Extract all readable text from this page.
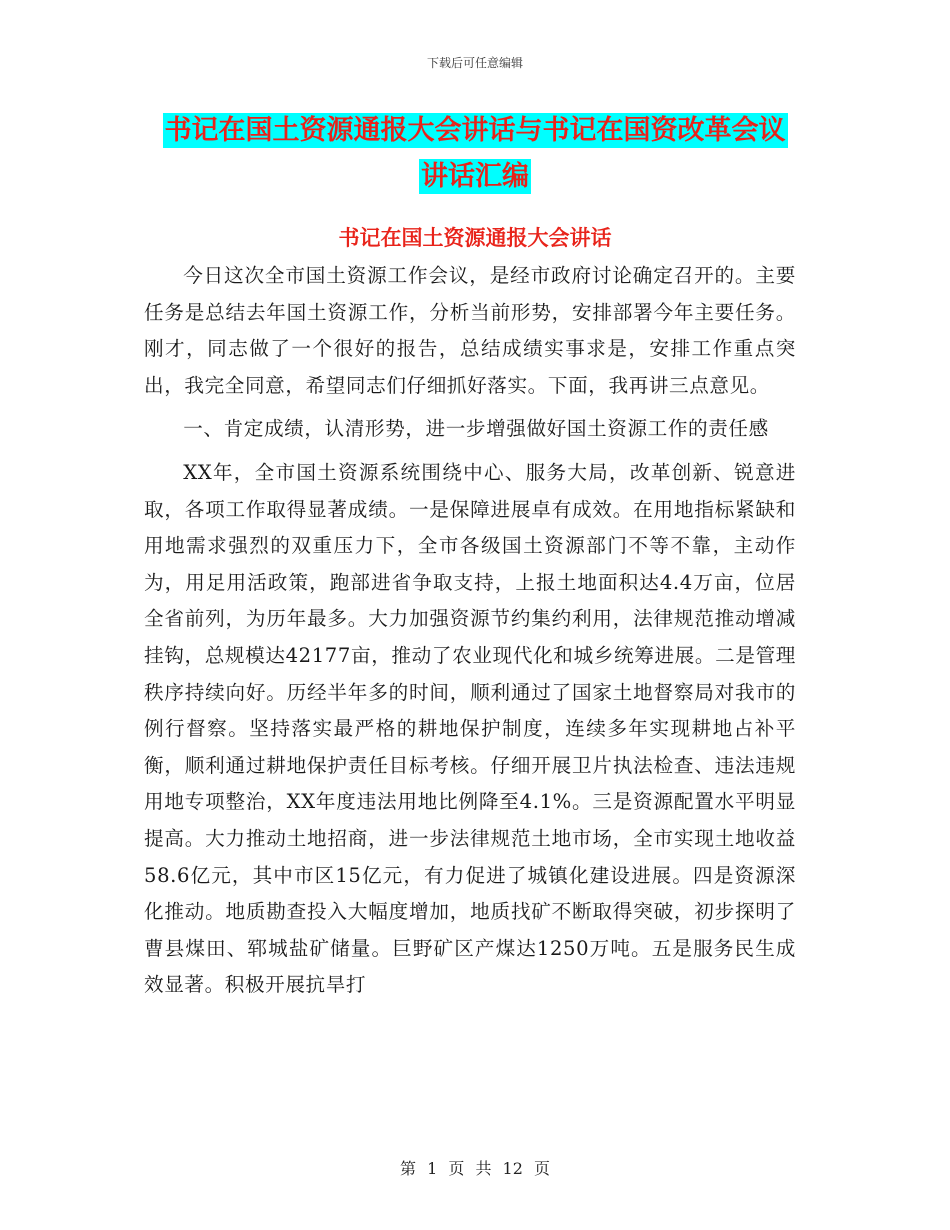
下载后可任意编辑
书记在国土资源通报大会讲话与书记在国资改革会议
讲话汇编
书记在国土资源通报大会讲话

今日这次全市国土资源工作会议，是经市政府讨论确定召开的。主要任务是总结去年国土资源工作，分析当前形势，安排部署今年主要任务。刚才，同志做了一个很好的报告，总结成绩实事求是，安排工作重点突出，我完全同意，希望同志们仔细抓好落实。下面，我再讲三点意见。

一、肯定成绩，认清形势，进一步增强做好国土资源工作的责任感

XX年，全市国土资源系统围绕中心、服务大局，改革创新、锐意进取，各项工作取得显著成绩。一是保障进展卓有成效。在用地指标紧缺和用地需求强烈的双重压力下，全市各级国土资源部门不等不靠，主动作为，用足用活政策，跑部进省争取支持，上报土地面积达4.4万亩，位居全省前列，为历年最多。大力加强资源节约集约利用，法律规范推动增减挂钩，总规模达42177亩，推动了农业现代化和城乡统筹进展。二是管理秩序持续向好。历经半年多的时间，顺利通过了国家土地督察局对我市的例行督察。坚持落实最严格的耕地保护制度，连续多年实现耕地占补平衡，顺利通过耕地保护责任目标考核。仔细开展卫片执法检查、违法违规用地专项整治，XX年度违法用地比例降至4.1%。三是资源配置水平明显提高。大力推动土地招商，进一步法律规范土地市场，全市实现土地收益58.6亿元，其中市区15亿元，有力促进了城镇化建设进展。四是资源深化推动。地质勘查投入大幅度增加，地质找矿不断取得突破，初步探明了曹县煤田、郓城盐矿储量。巨野矿区产煤达1250万吨。五是服务民生成效显著。积极开展抗旱打

第 1 页 共 12 页
